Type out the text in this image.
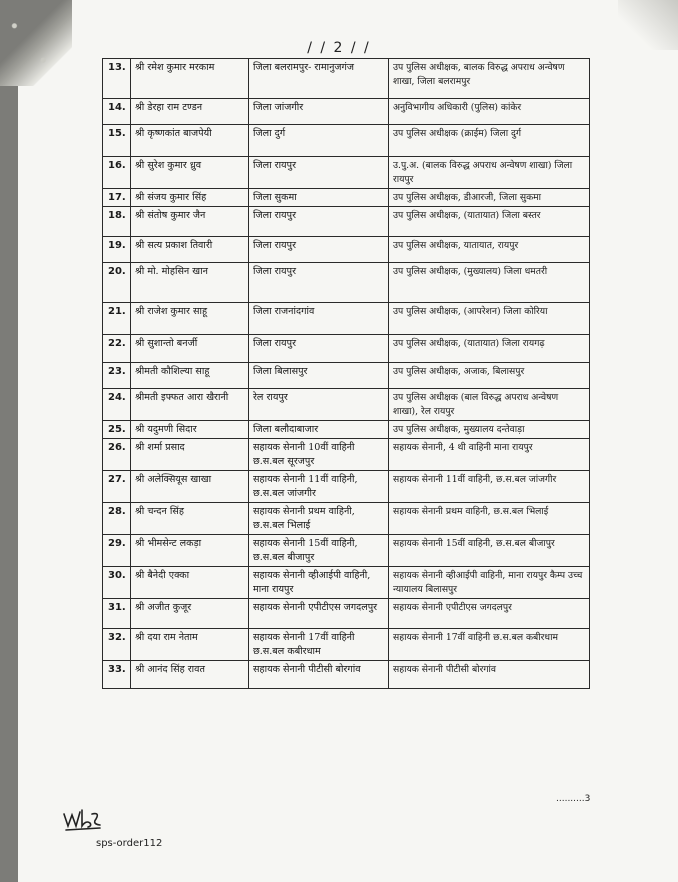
/ / 2 / /
13.	श्री रमेश कुमार मरकाम	जिला बलरामपुर- रामानुजगंज	उप पुलिस अधीक्षक, बालक विरुद्ध अपराध अन्वेषण शाखा, जिला बलरामपुर
14.	श्री डेरहा राम टण्डन	जिला जांजगीर	अनुविभागीय अधिकारी (पुलिस) कांकेर
15.	श्री कृष्णकांत बाजपेयी	जिला दुर्ग	उप पुलिस अधीक्षक (क्राईम) जिला दुर्ग
16.	श्री सुरेश कुमार ध्रुव	जिला रायपुर	उ.पु.अ. (बालक विरुद्ध अपराध अन्वेषण शाखा) जिला रायपुर
17.	श्री संजय कुमार सिंह	जिला सुकमा	उप पुलिस अधीक्षक, डीआरजी, जिला सुकमा
18.	श्री संतोष कुमार जैन	जिला रायपुर	उप पुलिस अधीक्षक, (यातायात) जिला बस्तर
19.	श्री सत्य प्रकाश तिवारी	जिला रायपुर	उप पुलिस अधीक्षक, यातायात, रायपुर
20.	श्री मो. मोहसिन खान	जिला रायपुर	उप पुलिस अधीक्षक, (मुख्यालय) जिला धमतरी
21.	श्री राजेश कुमार साहू	जिला राजनांदगांव	उप पुलिस अधीक्षक, (आपरेशन) जिला कोरिया
22.	श्री सुशान्तो बनर्जी	जिला रायपुर	उप पुलिस अधीक्षक, (यातायात) जिला रायगढ़
23.	श्रीमती कौशिल्या साहू	जिला बिलासपुर	उप पुलिस अधीक्षक, अजाक, बिलासपुर
24.	श्रीमती इफ्फत आरा खैरानी	रेल रायपुर	उप पुलिस अधीक्षक (बाल विरुद्ध अपराध अन्वेषण शाखा), रेल रायपुर
25.	श्री यदुमणी सिदार	जिला बलौदाबाजार	उप पुलिस अधीक्षक, मुख्यालय दन्तेवाड़ा
26.	श्री शर्मा प्रसाद	सहायक सेनानी 10वीं वाहिनी छ.स.बल सूरजपुर	सहायक सेनानी, 4 थी वाहिनी माना रायपुर
27.	श्री अलेक्सियूस खाखा	सहायक सेनानी 11वीं वाहिनी, छ.स.बल जांजगीर	सहायक सेनानी 11वीं वाहिनी, छ.स.बल जांजगीर
28.	श्री चन्दन सिंह	सहायक सेनानी प्रथम वाहिनी, छ.स.बल भिलाई	सहायक सेनानी प्रथम वाहिनी, छ.स.बल भिलाई
29.	श्री भीमसेन्ट लकड़ा	सहायक सेनानी 15वीं वाहिनी, छ.स.बल बीजापुर	सहायक सेनानी 15वीं वाहिनी, छ.स.बल बीजापुर
30.	श्री बैनेदी एक्का	सहायक सेनानी व्हीआईपी वाहिनी, माना रायपुर	सहायक सेनानी व्हीआईपी वाहिनी, माना रायपुर कैम्प उच्च न्यायालय बिलासपुर
31.	श्री अजीत कुजूर	सहायक सेनानी एपीटीएस जगदलपुर	सहायक सेनानी एपीटीएस जगदलपुर
32.	श्री दया राम नेताम	सहायक सेनानी 17वीं वाहिनी छ.स.बल कबीरधाम	सहायक सेनानी 17वीं वाहिनी छ.स.बल कबीरधाम
33.	श्री आनंद सिंह रावत	सहायक सेनानी पीटीसी बोरगांव	सहायक सेनानी पीटीसी बोरगांव
..........3
sps-order112
